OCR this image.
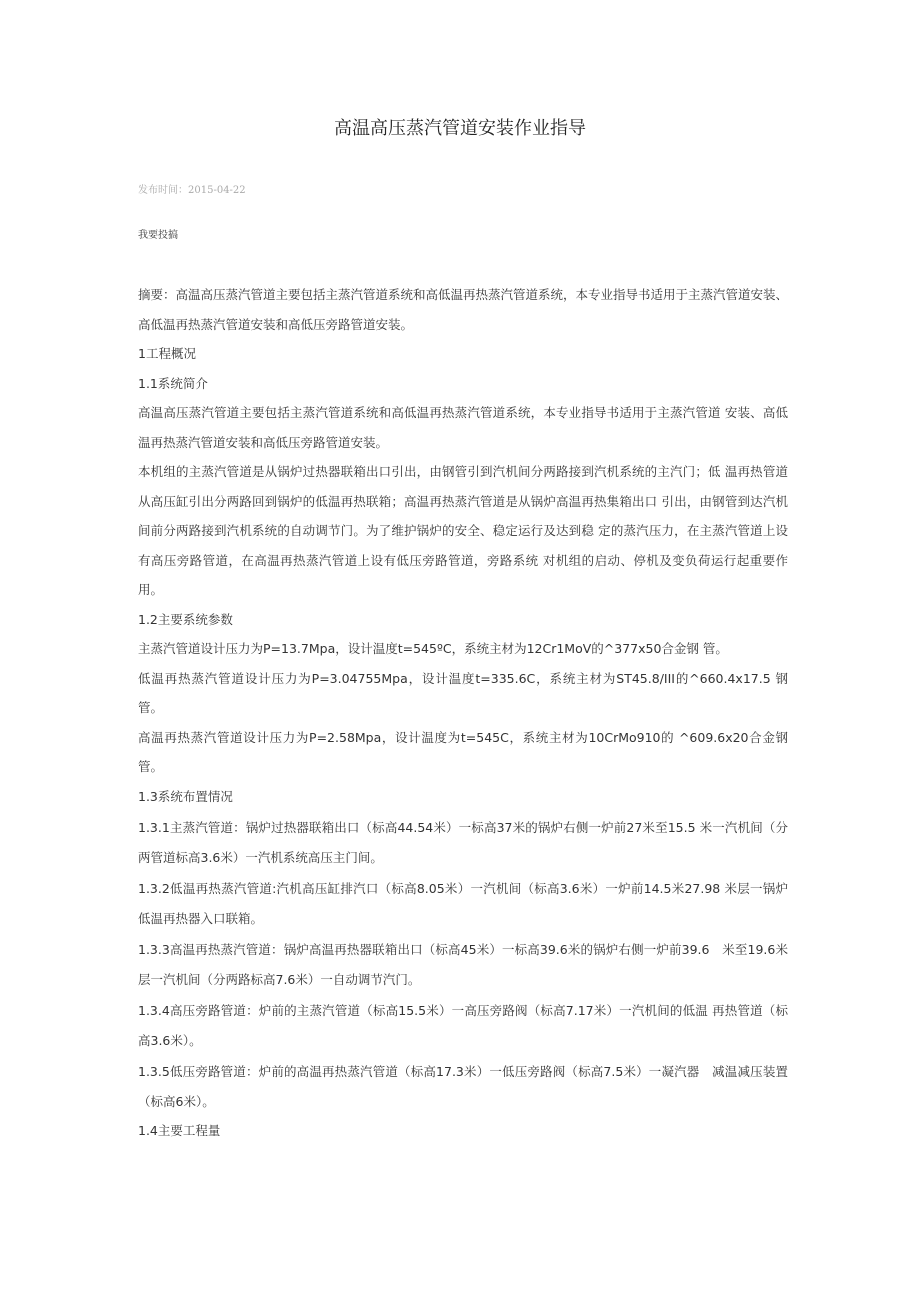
高温高压蒸汽管道安装作业指导
发布时间：2015-04-22
我要投搞

摘要：高温高压蒸汽管道主要包括主蒸汽管道系统和高低温再热蒸汽管道系统，本专业指导书适用于主蒸汽管道安装、高低温再热蒸汽管道安装和高低压旁路管道安装。

1工程概况

1.1系统简介

高温高压蒸汽管道主要包括主蒸汽管道系统和高低温再热蒸汽管道系统，本专业指导书适用于主蒸汽管道 安装、高低温再热蒸汽管道安装和高低压旁路管道安装。

本机组的主蒸汽管道是从锅炉过热器联箱出口引出，由钢管引到汽机间分两路接到汽机系统的主汽门；低 温再热管道从高压缸引出分两路回到锅炉的低温再热联箱；高温再热蒸汽管道是从锅炉高温再热集箱出口 引出，由钢管到达汽机间前分两路接到汽机系统的自动调节门。为了维护锅炉的安全、稳定运行及达到稳 定的蒸汽压力，在主蒸汽管道上设有高压旁路管道，在高温再热蒸汽管道上设有低压旁路管道，旁路系统 对机组的启动、停机及变负荷运行起重要作用。

1.2主要系统参数

主蒸汽管道设计压力为P=13.7Mpa，设计温度t=545ºC，系统主材为12Cr1MoV的^377x50合金钢 管。

低温再热蒸汽管道设计压力为P=3.04755Mpa，设计温度t=335.6C，系统主材为ST45.8/III的^660.4x17.5 钢管。

高温再热蒸汽管道设计压力为P=2.58Mpa，设计温度为t=545C，系统主材为10CrMo910的 ^609.6x20合金钢管。

1.3系统布置情况

1.3.1主蒸汽管道：锅炉过热器联箱出口（标高44.54米）一标高37米的锅炉右侧一炉前27米至15.5 米一汽机间（分两管道标高3.6米）一汽机系统高压主门间。

1.3.2低温再热蒸汽管道:汽机高压缸排汽口（标高8.05米）一汽机间（标高3.6米）一炉前14.5米27.98 米层一锅炉低温再热器入口联箱。

1.3.3高温再热蒸汽管道：锅炉高温再热器联箱出口（标高45米）一标高39.6米的锅炉右侧一炉前39.6　米至19.6米层一汽机间（分两路标高7.6米）一自动调节汽门。

1.3.4高压旁路管道：炉前的主蒸汽管道（标高15.5米）一高压旁路阀（标高7.17米）一汽机间的低温 再热管道（标高3.6米）。

1.3.5低压旁路管道：炉前的高温再热蒸汽管道（标高17.3米）一低压旁路阀（标高7.5米）一凝汽器　减温减压装置（标高6米）。

1.4主要工程量
